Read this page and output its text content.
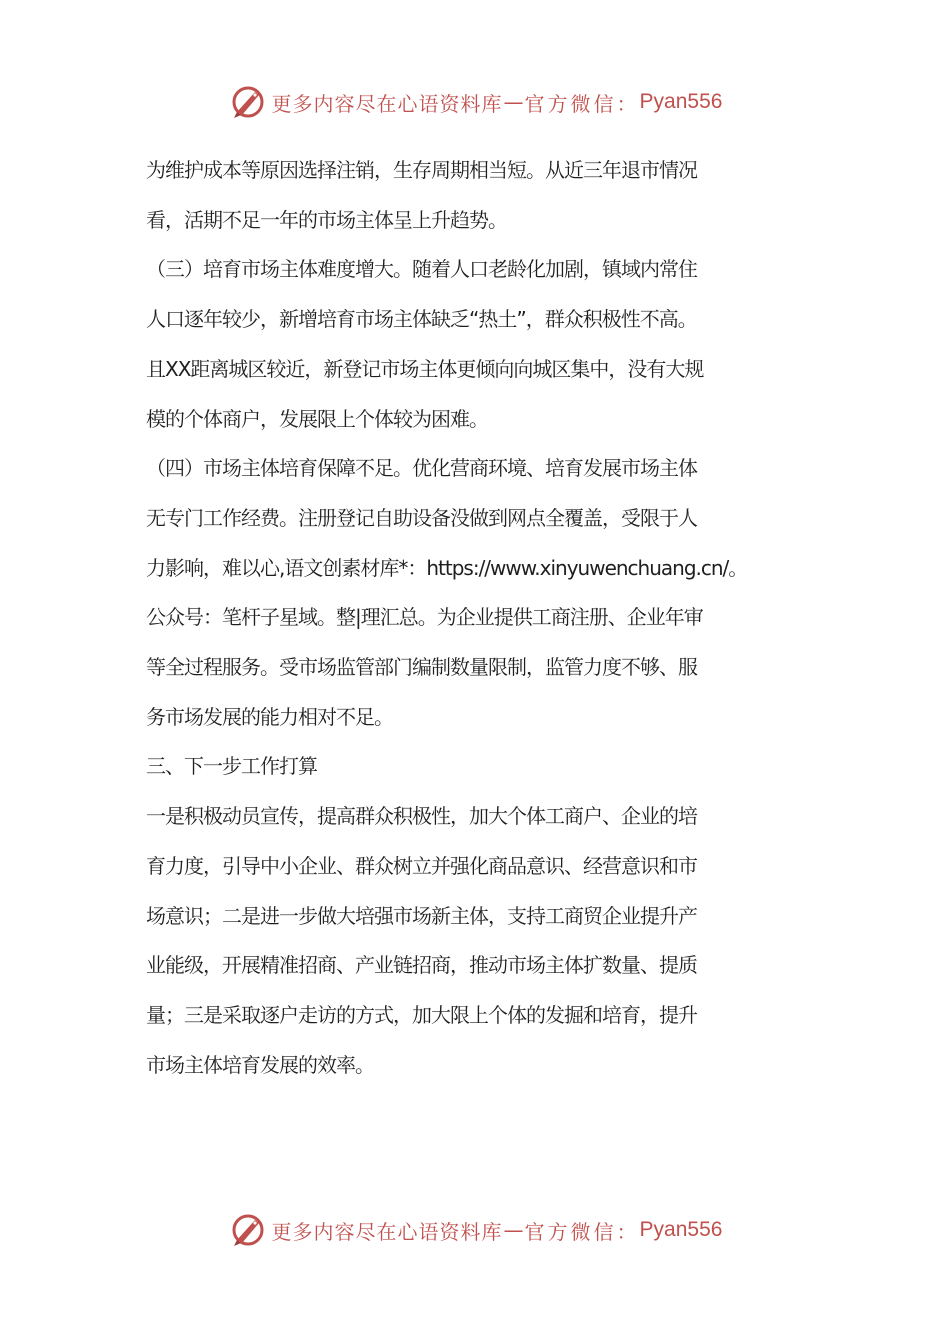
更多内容尽在心语资料库 — 官方微信： Pyan556

为维护成本等原因选择注销，生存周期相当短。从近三年退市情况

看，活期不足一年的市场主体呈上升趋势。

（三）培育市场主体难度增大。随着人口老龄化加剧，镇域内常住

人口逐年较少，新增培育市场主体缺乏“热土”，群众积极性不高。

且XX距离城区较近，新登记市场主体更倾向向城区集中，没有大规

模的个体商户，发展限上个体较为困难。

（四）市场主体培育保障不足。优化营商环境、培育发展市场主体

无专门工作经费。注册登记自助设备没做到网点全覆盖，受限于人

力影响，难以心,语文创素材库*：https://www.xinyuwenchuang.cn/。

公众号：笔杆子星域。整|理汇总。为企业提供工商注册、企业年审

等全过程服务。受市场监管部门编制数量限制，监管力度不够、服

务市场发展的能力相对不足。

三、下一步工作打算

一是积极动员宣传，提高群众积极性，加大个体工商户、企业的培

育力度，引导中小企业、群众树立并强化商品意识、经营意识和市

场意识；二是进一步做大培强市场新主体，支持工商贸企业提升产

业能级，开展精准招商、产业链招商，推动市场主体扩数量、提质

量；三是采取逐户走访的方式，加大限上个体的发掘和培育，提升

市场主体培育发展的效率。

更多内容尽在心语资料库 — 官方微信： Pyan556
